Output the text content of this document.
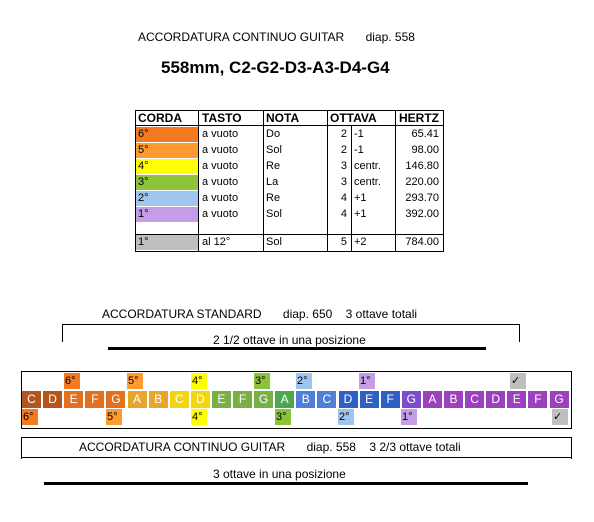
ACCORDATURA CONTINUO GUITAR diap. 558
558mm, C2-G2-D3-A3-D4-G4
CORDA TASTO NOTA	OTTAVA HERTZ
6°	a vuoto	Do	2 -1	65.41
5°	a vuoto	Sol	2 -1	98.00
4°	a vuoto	Re	3 centr.	146.80
3°	a vuoto	La	3 centr.	220.00
2°	a vuoto	Re	4 +1	293.70
1°	a vuoto	Sol	4 +1	392.00
1°	al 12°	Sol	5 +2	784.00
ACCORDATURA STANDARD diap. 650 3 ottave totali
2 1/2 ottave in una posizione
6°	5°	4°	3°	2°	1°	✓
C	D	E	F	G	A	B	C	D	E	F	G	A	B	C	D	E	F	G	A	B	C	D	E	F	G
6°	5°	4°	3°	2°	1°	✓
ACCORDATURA CONTINUO GUITAR diap. 558 3 2/3 ottave totali
3 ottave in una posizione
